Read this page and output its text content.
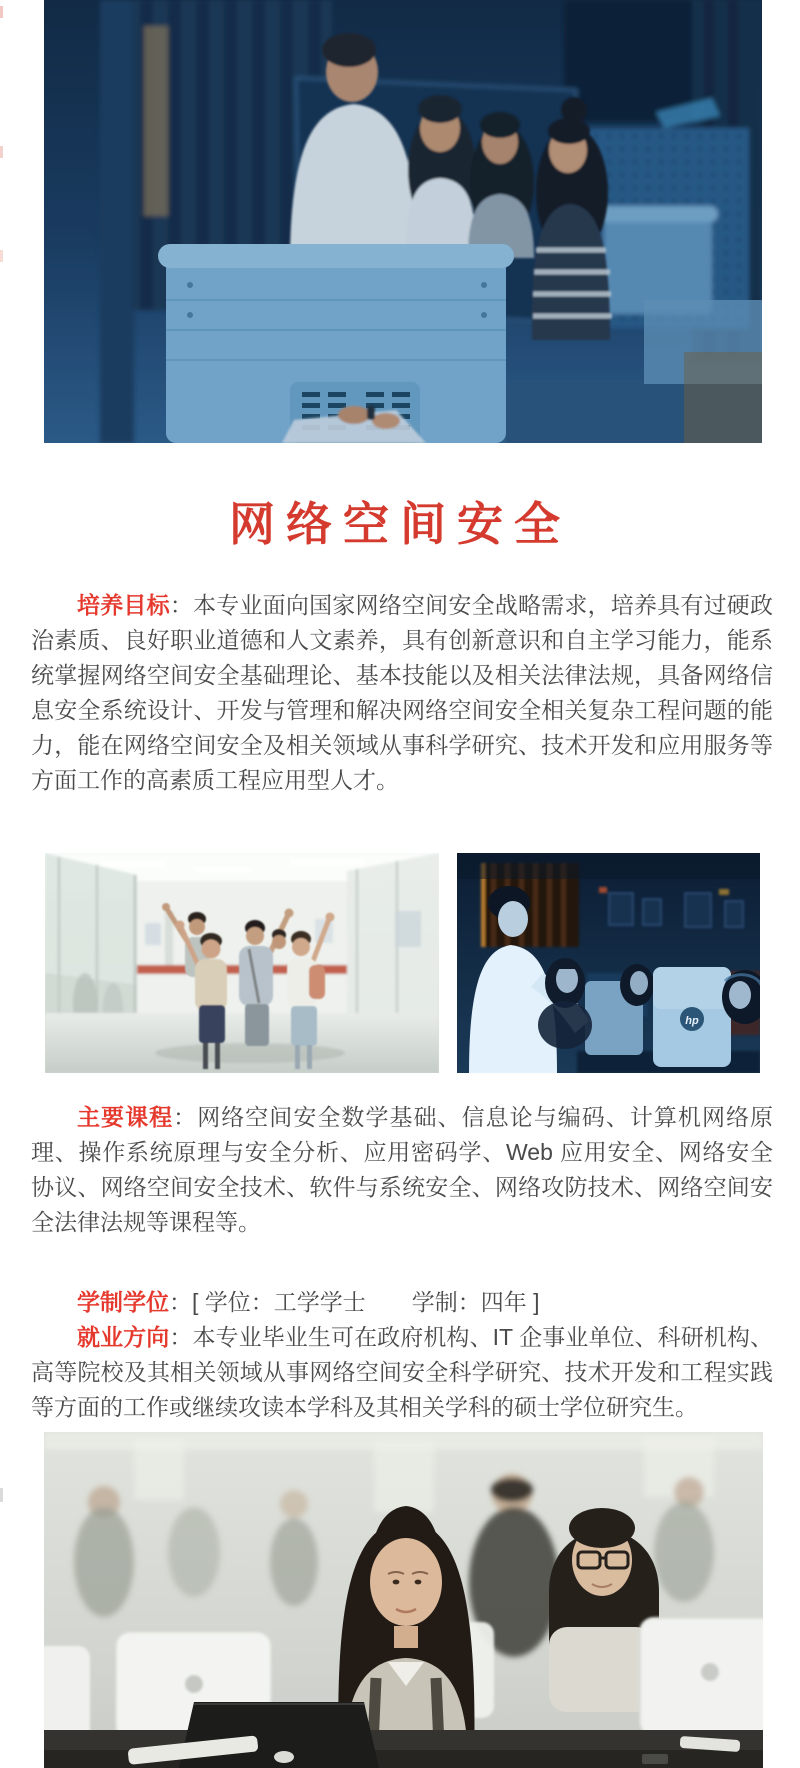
网络空间安全

培养目标：本专业面向国家网络空间安全战略需求，培养具有过硬政治素质、良好职业道德和人文素养，具有创新意识和自主学习能力，能系统掌握网络空间安全基础理论、基本技能以及相关法律法规，具备网络信息安全系统设计、开发与管理和解决网络空间安全相关复杂工程问题的能力，能在网络空间安全及相关领域从事科学研究、技术开发和应用服务等方面工作的高素质工程应用型人才。

hp

主要课程：网络空间安全数学基础、信息论与编码、计算机网络原理、操作系统原理与安全分析、应用密码学、Web 应用安全、网络安全协议、网络空间安全技术、软件与系统安全、网络攻防技术、网络空间安全法律法规等课程等。

学制学位：[ 学位：工学学士　　学制：四年 ]

就业方向：本专业毕业生可在政府机构、IT 企事业单位、科研机构、高等院校及其相关领域从事网络空间安全科学研究、技术开发和工程实践等方面的工作或继续攻读本学科及其相关学科的硕士学位研究生。
